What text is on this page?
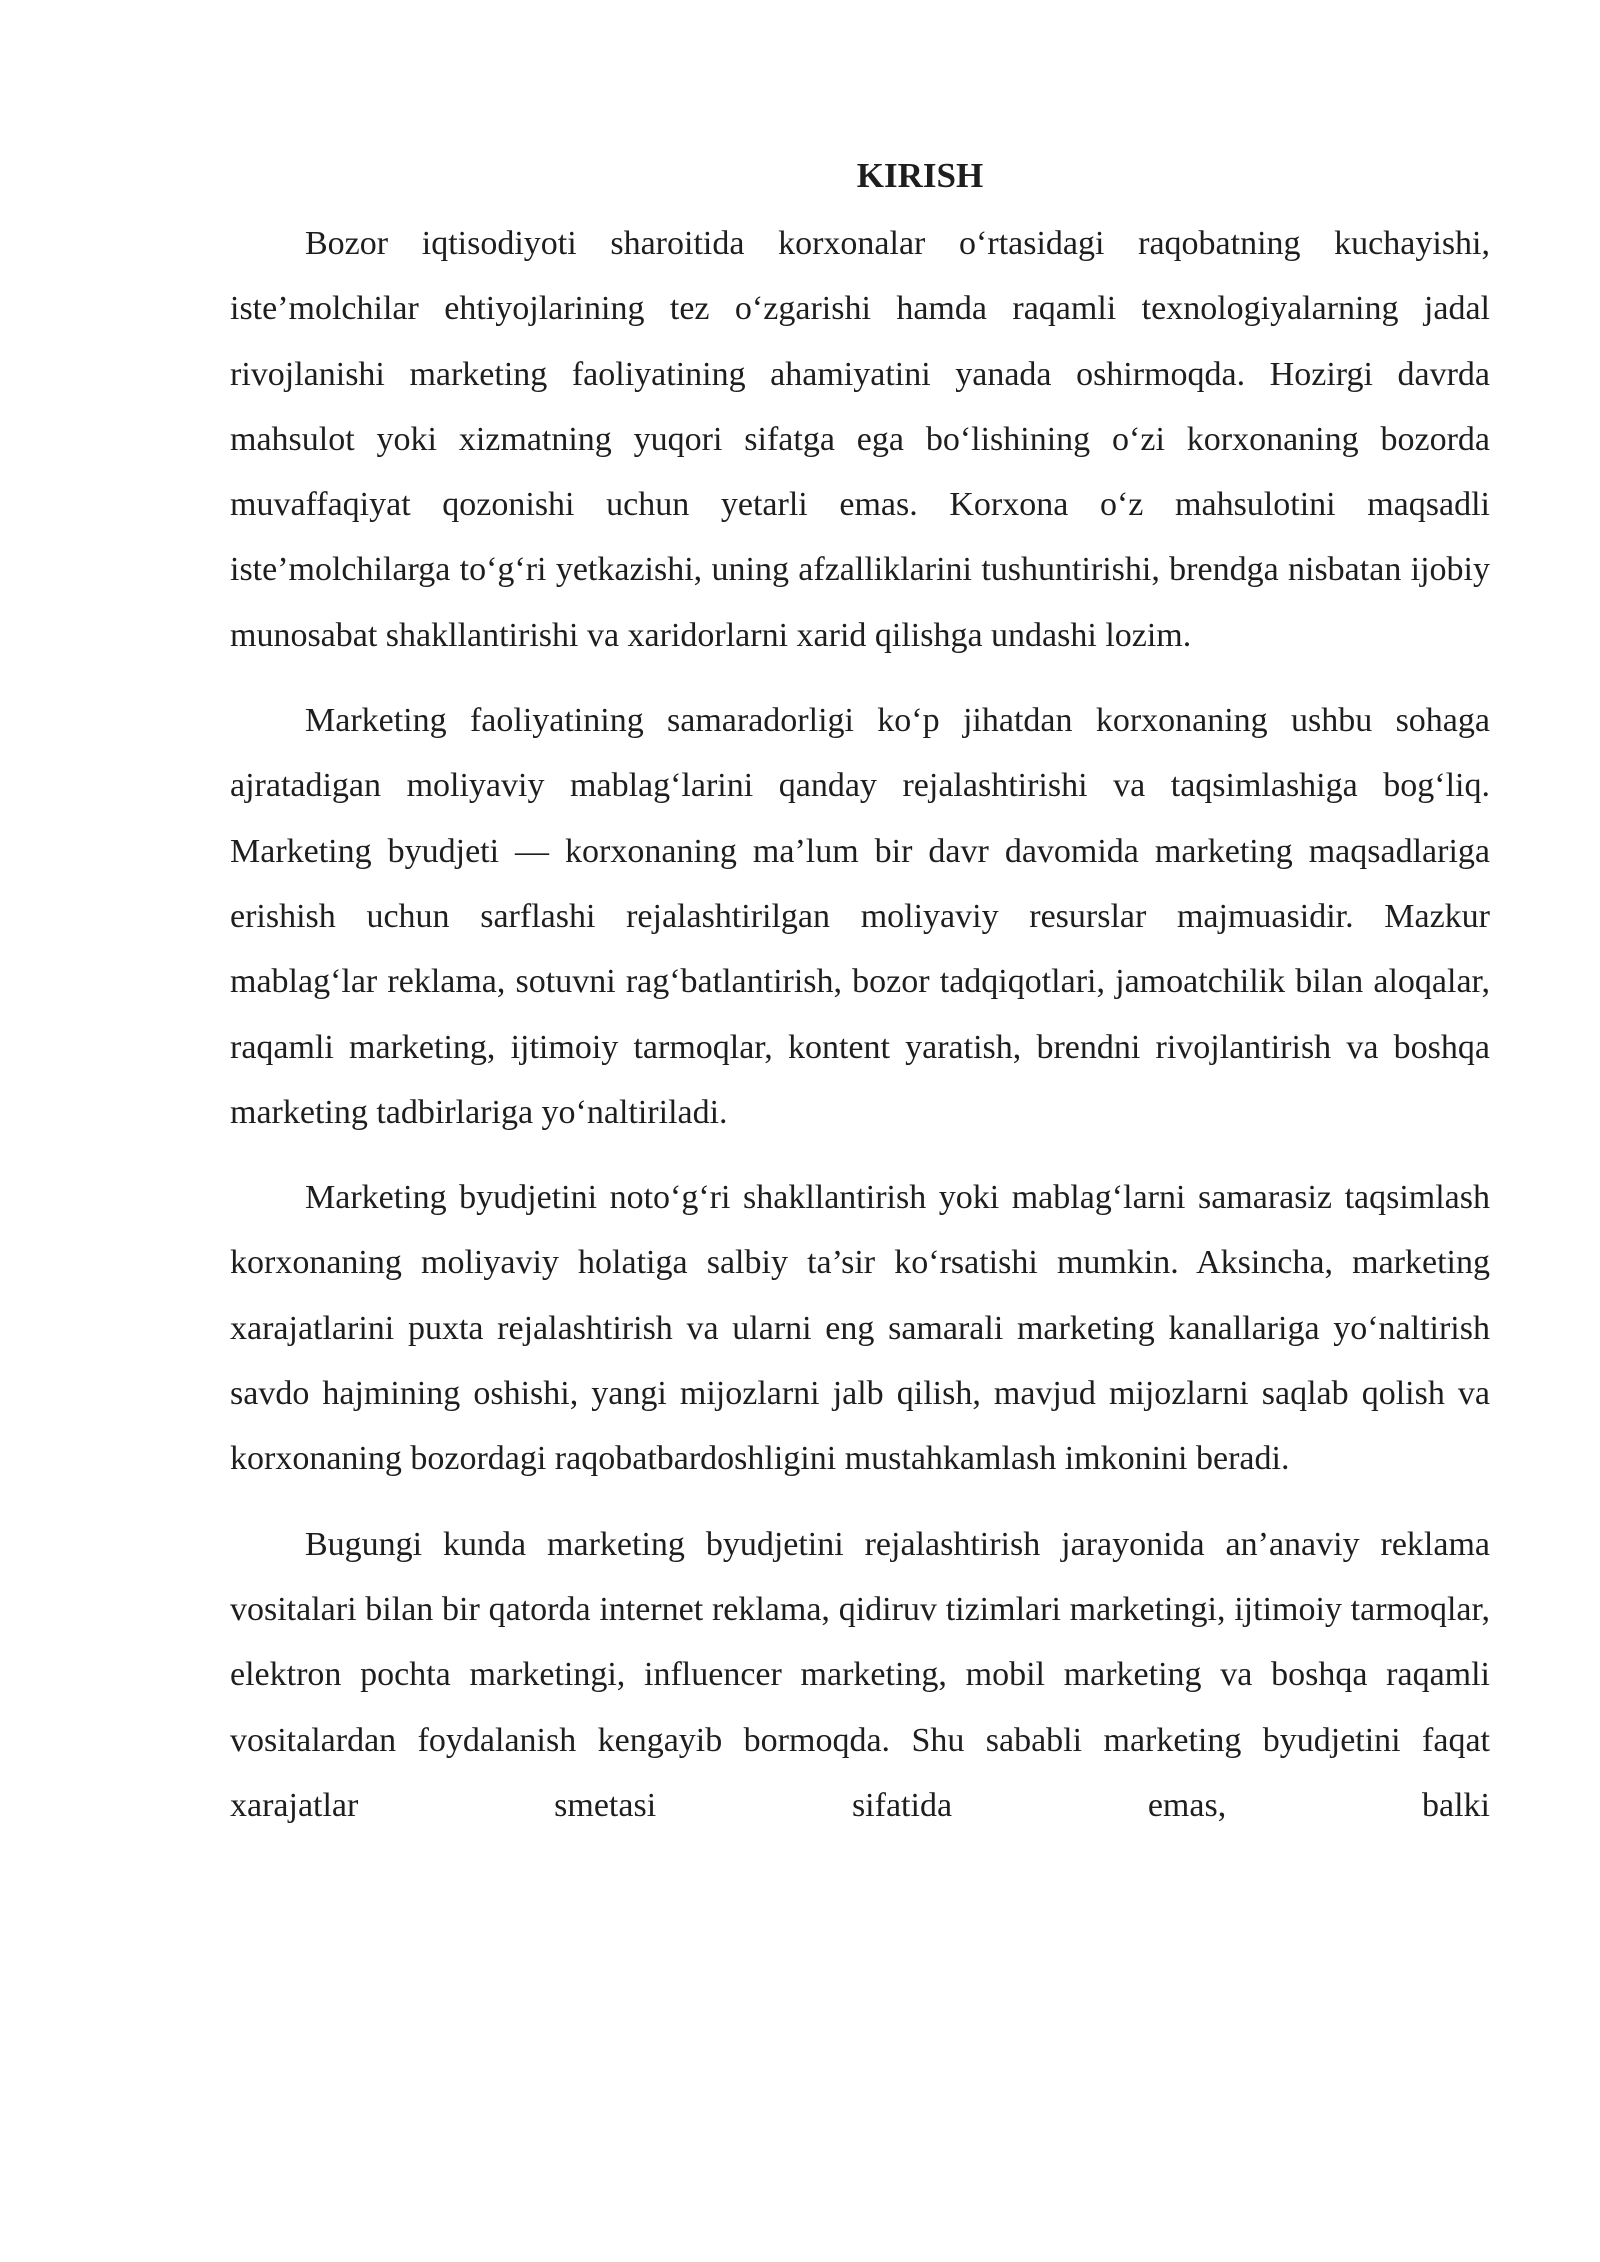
KIRISH

Bozor iqtisodiyoti sharoitida korxonalar o‘rtasidagi raqobatning kuchayishi, iste’molchilar ehtiyojlarining tez o‘zgarishi hamda raqamli texnologiyalarning jadal rivojlanishi marketing faoliyatining ahamiyatini yanada oshirmoqda. Hozirgi davrda mahsulot yoki xizmatning yuqori sifatga ega bo‘lishining o‘zi korxonaning bozorda muvaffaqiyat qozonishi uchun yetarli emas. Korxona o‘z mahsulotini maqsadli iste’molchilarga to‘g‘ri yetkazishi, uning afzalliklarini tushuntirishi, brendga nisbatan ijobiy munosabat shakllantirishi va xaridorlarni xarid qilishga undashi lozim.

Marketing faoliyatining samaradorligi ko‘p jihatdan korxonaning ushbu sohaga ajratadigan moliyaviy mablag‘larini qanday rejalashtirishi va taqsimlashiga bog‘liq. Marketing byudjeti — korxonaning ma’lum bir davr davomida marketing maqsadlariga erishish uchun sarflashi rejalashtirilgan moliyaviy resurslar majmuasidir. Mazkur mablag‘lar reklama, sotuvni rag‘batlantirish, bozor tadqiqotlari, jamoatchilik bilan aloqalar, raqamli marketing, ijtimoiy tarmoqlar, kontent yaratish, brendni rivojlantirish va boshqa marketing tadbirlariga yo‘naltiriladi.

Marketing byudjetini noto‘g‘ri shakllantirish yoki mablag‘larni samarasiz taqsimlash korxonaning moliyaviy holatiga salbiy ta’sir ko‘rsatishi mumkin. Aksincha, marketing xarajatlarini puxta rejalashtirish va ularni eng samarali marketing kanallariga yo‘naltirish savdo hajmining oshishi, yangi mijozlarni jalb qilish, mavjud mijozlarni saqlab qolish va korxonaning bozordagi raqobatbardoshligini mustahkamlash imkonini beradi.

Bugungi kunda marketing byudjetini rejalashtirish jarayonida an’anaviy reklama vositalari bilan bir qatorda internet reklama, qidiruv tizimlari marketingi, ijtimoiy tarmoqlar, elektron pochta marketingi, influencer marketing, mobil marketing va boshqa raqamli vositalardan foydalanish kengayib bormoqda. Shu sababli marketing byudjetini faqat xarajatlar smetasi sifatida emas, balki
